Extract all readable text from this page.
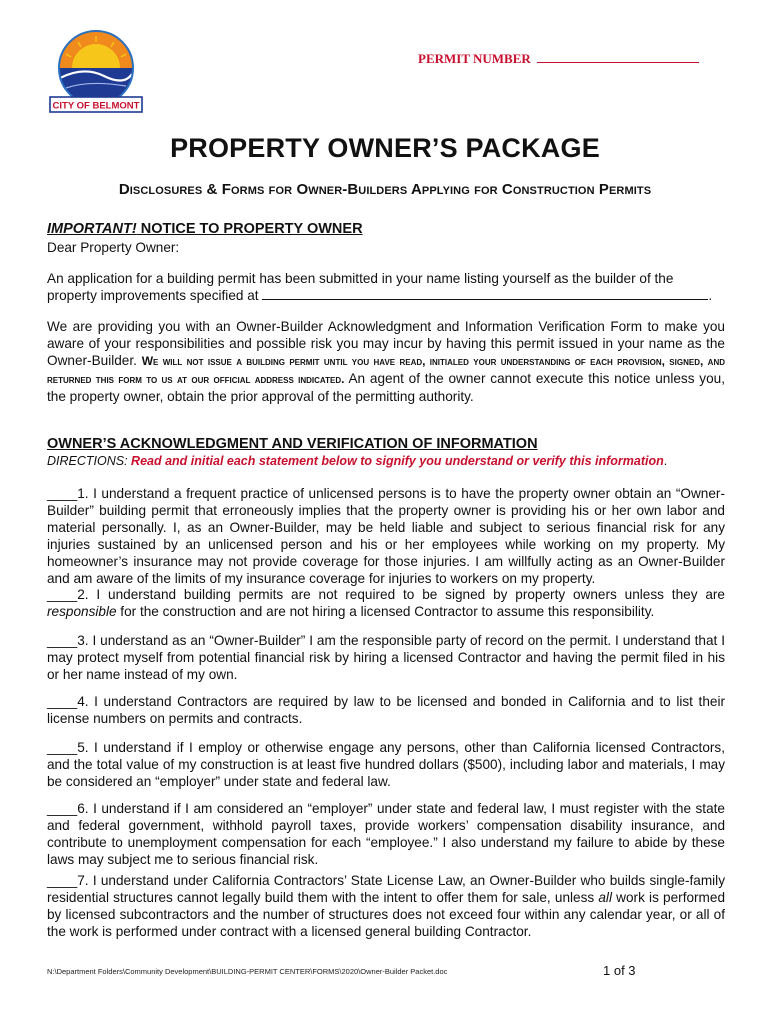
CITY OF BELMONT
PERMIT NUMBER
PROPERTY OWNER’S PACKAGE
Disclosures & Forms for Owner-Builders Applying for Construction Permits
IMPORTANT! NOTICE TO PROPERTY OWNER
Dear Property Owner:
An application for a building permit has been submitted in your name listing yourself as the builder of the property improvements specified at	.
We are providing you with an Owner-Builder Acknowledgment and Information Verification Form to make you aware of your responsibilities and possible risk you may incur by having this permit issued in your name as the Owner-Builder. We will not issue a building permit until you have read, initialed your understanding of each provision, signed, and returned this form to us at our official address indicated. An agent of the owner cannot execute this notice unless you, the property owner, obtain the prior approval of the permitting authority.
OWNER’S ACKNOWLEDGMENT AND VERIFICATION OF INFORMATION
DIRECTIONS: Read and initial each statement below to signify you understand or verify this information.
____1. I understand a frequent practice of unlicensed persons is to have the property owner obtain an “Owner-Builder” building permit that erroneously implies that the property owner is providing his or her own labor and material personally. I, as an Owner-Builder, may be held liable and subject to serious financial risk for any injuries sustained by an unlicensed person and his or her employees while working on my property. My homeowner’s insurance may not provide coverage for those injuries. I am willfully acting as an Owner-Builder and am aware of the limits of my insurance coverage for injuries to workers on my property.
____2. I understand building permits are not required to be signed by property owners unless they are responsible for the construction and are not hiring a licensed Contractor to assume this responsibility.
____3. I understand as an “Owner-Builder” I am the responsible party of record on the permit. I understand that I may protect myself from potential financial risk by hiring a licensed Contractor and having the permit filed in his or her name instead of my own.
____4. I understand Contractors are required by law to be licensed and bonded in California and to list their license numbers on permits and contracts.
____5. I understand if I employ or otherwise engage any persons, other than California licensed Contractors, and the total value of my construction is at least five hundred dollars ($500), including labor and materials, I may be considered an “employer” under state and federal law.
____6. I understand if I am considered an “employer” under state and federal law, I must register with the state and federal government, withhold payroll taxes, provide workers’ compensation disability insurance, and contribute to unemployment compensation for each “employee.” I also understand my failure to abide by these laws may subject me to serious financial risk.
____7. I understand under California Contractors’ State License Law, an Owner-Builder who builds single-family residential structures cannot legally build them with the intent to offer them for sale, unless all work is performed by licensed subcontractors and the number of structures does not exceed four within any calendar year, or all of the work is performed under contract with a licensed general building Contractor.
N:\Department Folders\Community Development\BUILDING-PERMIT CENTER\FORMS\2020\Owner-Builder Packet.doc	1 of 3
